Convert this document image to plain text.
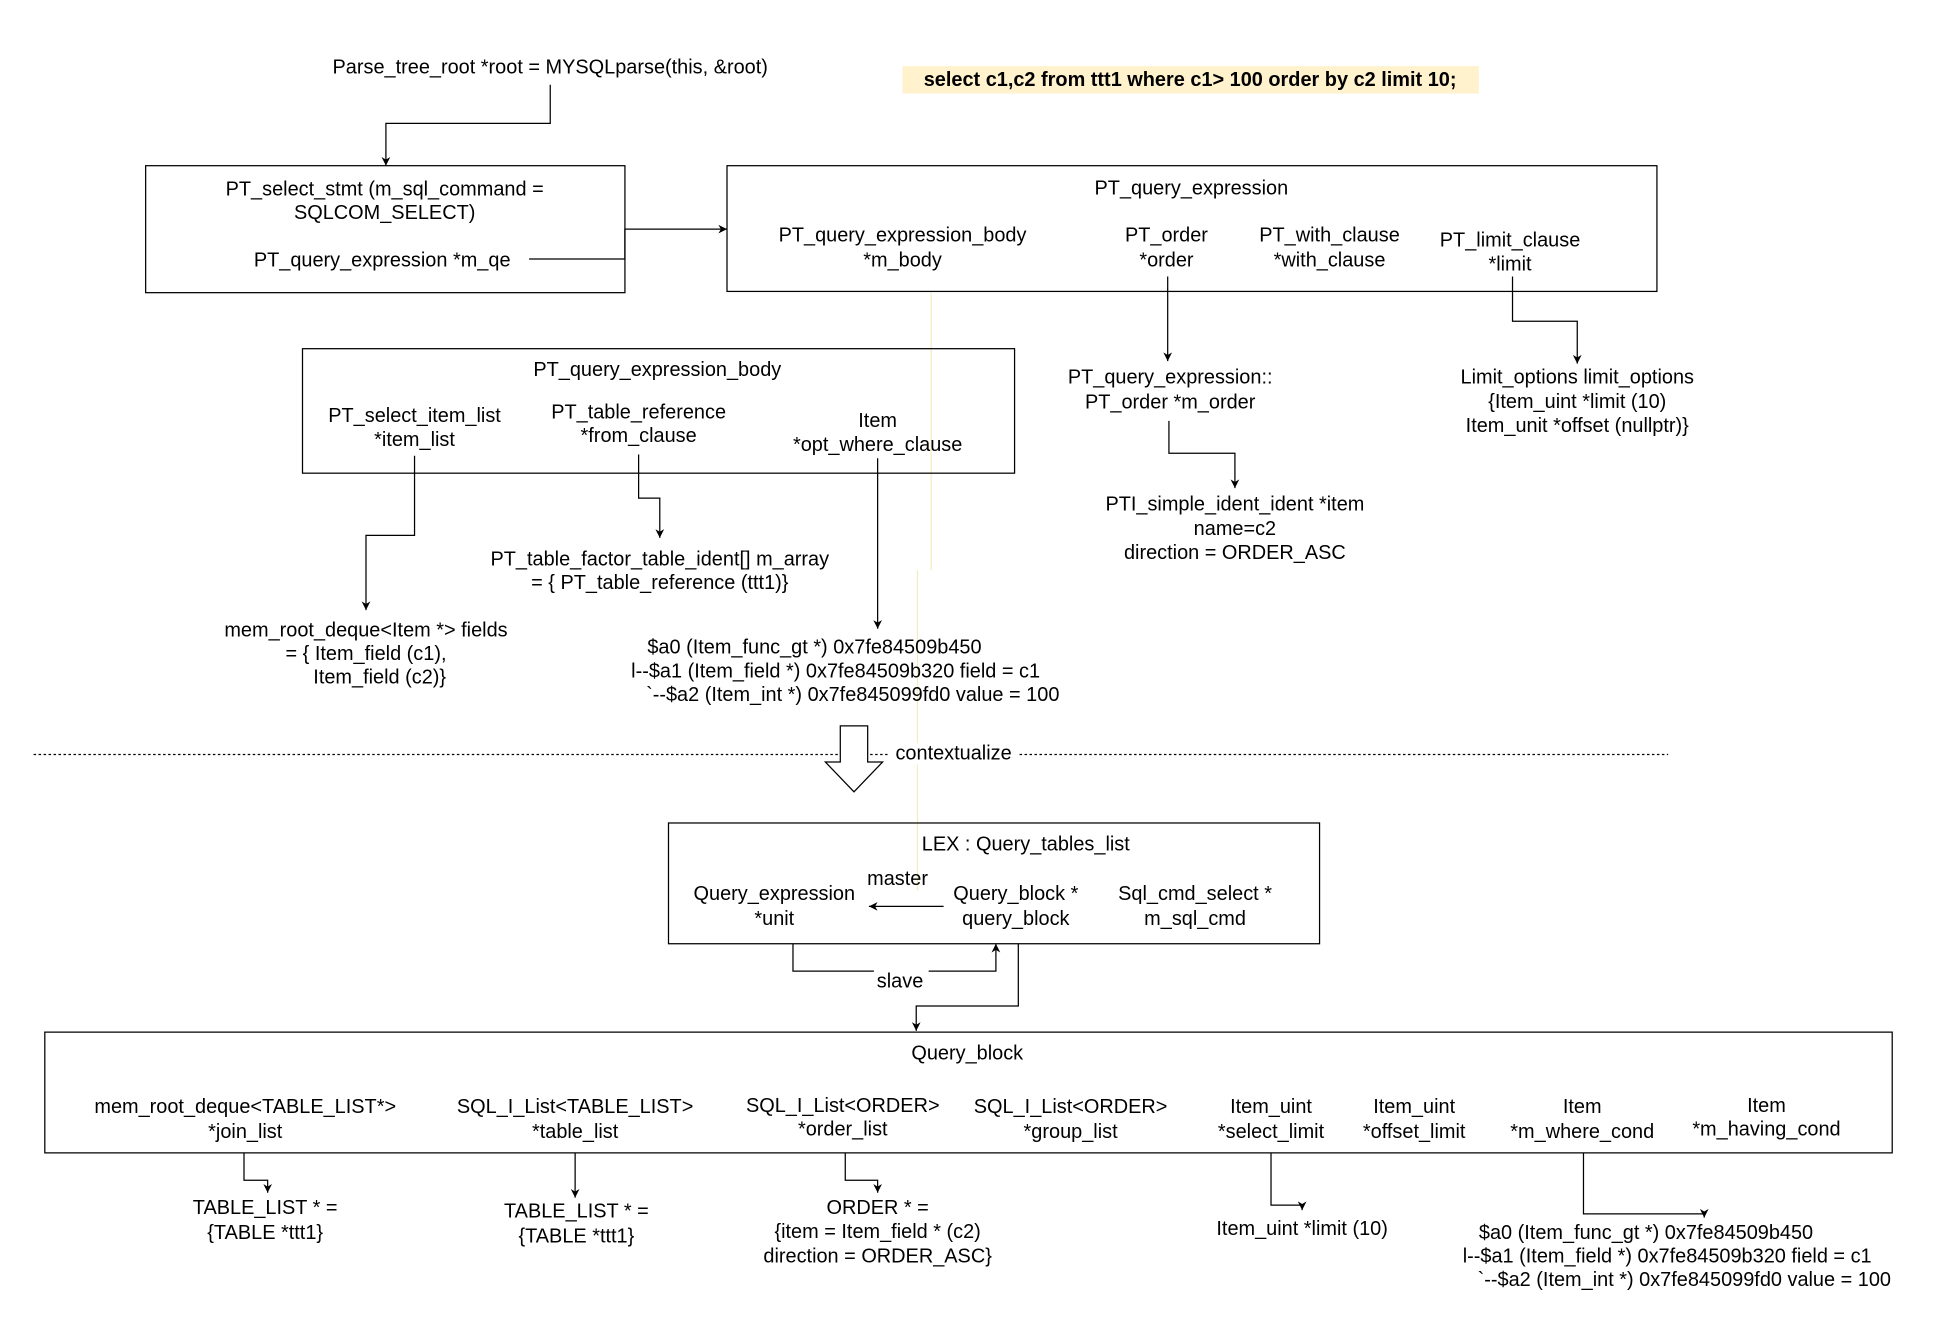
Parse_tree_root *root = MYSQLparse(this, &root)
select c1,c2 from ttt1 where c1> 100 order by c2 limit 10;
PT_select_stmt (m_sql_command = SQLCOM_SELECT)
PT_query_expression *m_qe
PT_query_expression
PT_query_expression_body *m_body
PT_order *order
PT_with_clause *with_clause
PT_limit_clause *limit
PT_query_expression_body
PT_select_item_list *item_list
PT_table_reference *from_clause
Item *opt_where_clause
PT_query_expression:: PT_order *m_order
Limit_options limit_options {Item_uint *limit (10) Item_unit *offset (nullptr)}
PTI_simple_ident_ident *item name=c2 direction = ORDER_ASC
PT_table_factor_table_ident[] m_array = { PT_table_reference (ttt1)}
mem_root_deque<Item *> fields = { Item_field (c1), Item_field (c2)}
$a0 (Item_func_gt *) 0x7fe84509b450 l--$a1 (Item_field *) 0x7fe84509b320 field = c1 `--$a2 (Item_int *) 0x7fe845099fd0 value = 100
contextualize
LEX : Query_tables_list
master
Query_expression *unit
Query_block * query_block
Sql_cmd_select * m_sql_cmd
slave
Query_block
mem_root_deque<TABLE_LIST*> *join_list
SQL_I_List<TABLE_LIST> *table_list
SQL_I_List<ORDER> *order_list
SQL_I_List<ORDER> *group_list
Item_uint *select_limit
Item_uint *offset_limit
Item *m_where_cond
Item *m_having_cond
TABLE_LIST * = {TABLE *ttt1}
TABLE_LIST * = {TABLE *ttt1}
ORDER * = {item = Item_field * (c2) direction = ORDER_ASC}
Item_uint *limit (10)	$a0 (Item_func_gt *) 0x7fe84509b450 l--$a1 (Item_field *) 0x7fe84509b320 field = c1 `--$a2 (Item_int *) 0x7fe845099fd0 value = 100
